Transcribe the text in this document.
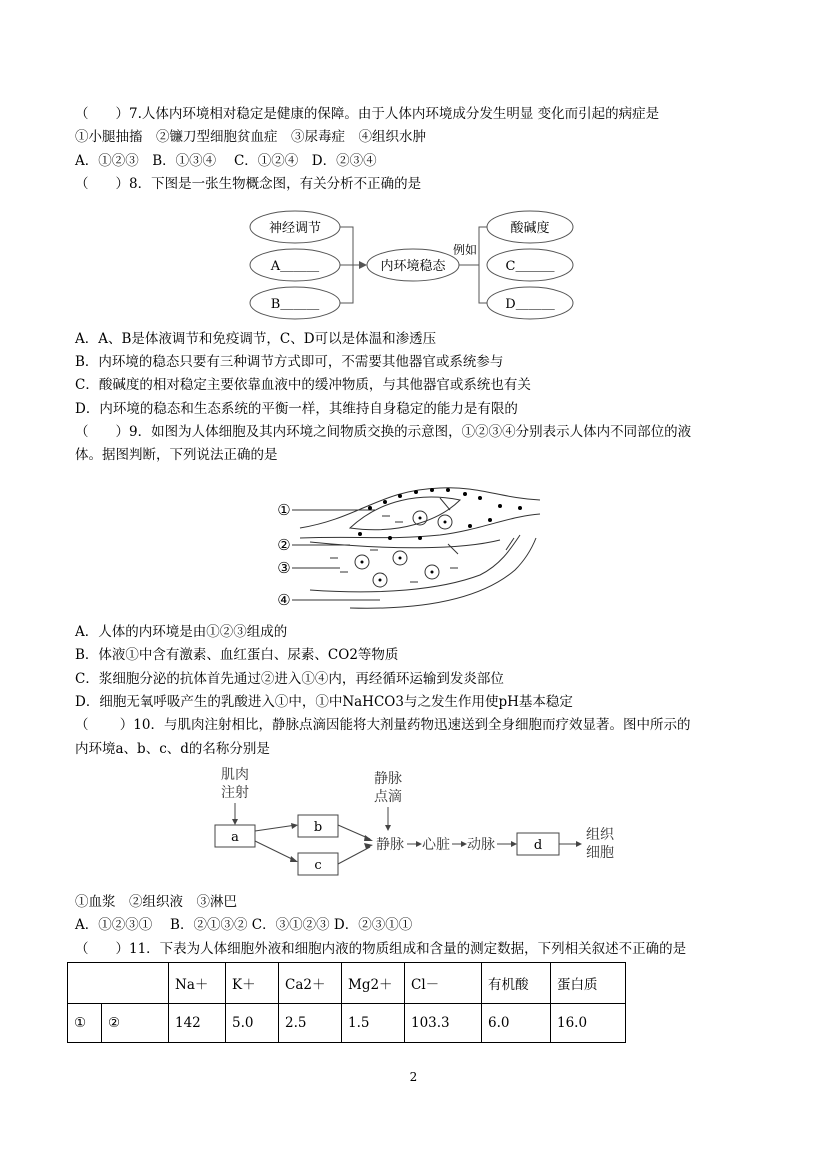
（　　）7.人体内环境相对稳定是健康的保障。由于人体内环境成分发生明显 变化而引起的病症是
①小腿抽搐　②镰刀型细胞贫血症　③尿毒症　④组织水肿
A．①②③　B．①③④　 C．①②④　D．②③④
（　　）8．下图是一张生物概念图，有关分析不正确的是
神经调节
A＿＿＿
B＿＿＿
内环境稳态
例如
酸碱度
C＿＿＿
D＿＿＿
A．A、B是体液调节和免疫调节，C、D可以是体温和渗透压
B．内环境的稳态只要有三种调节方式即可，不需要其他器官或系统参与
C．酸碱度的相对稳定主要依靠血液中的缓冲物质，与其他器官或系统也有关
D．内环境的稳态和生态系统的平衡一样，其维持自身稳定的能力是有限的
（　　）9．如图为人体细胞及其内环境之间物质交换的示意图，①②③④分别表示人体内不同部位的液
体。据图判断，下列说法正确的是
①
②
③
④
A．人体的内环境是由①②③组成的
B．体液①中含有激素、血红蛋白、尿素、CO2等物质
C．浆细胞分泌的抗体首先通过②进入①④内，再经循环运输到发炎部位
D．细胞无氧呼吸产生的乳酸进入①中，①中NaHCO3与之发生作用使pH基本稳定
（　　 ）10．与肌肉注射相比，静脉点滴因能将大剂量药物迅速送到全身细胞而疗效显著。图中所示的
内环境a、b、c、d的名称分别是
肌肉
注射
静脉
点滴
a
b
c
静脉 心脏 动脉	d
组织
细胞
①血浆　②组织液　③淋巴
A．①②③①　 B．②①③② C．③①②③ D．②③①①
（　　）11．下表为人体细胞外液和细胞内液的物质组成和含量的测定数据，下列相关叙述不正确的是
		Na＋	K＋	Ca2＋	Mg2＋	Cl－	有机酸	蛋白质
①	②	142	5.0	2.5	1.5	103.3	6.0	16.0
2
